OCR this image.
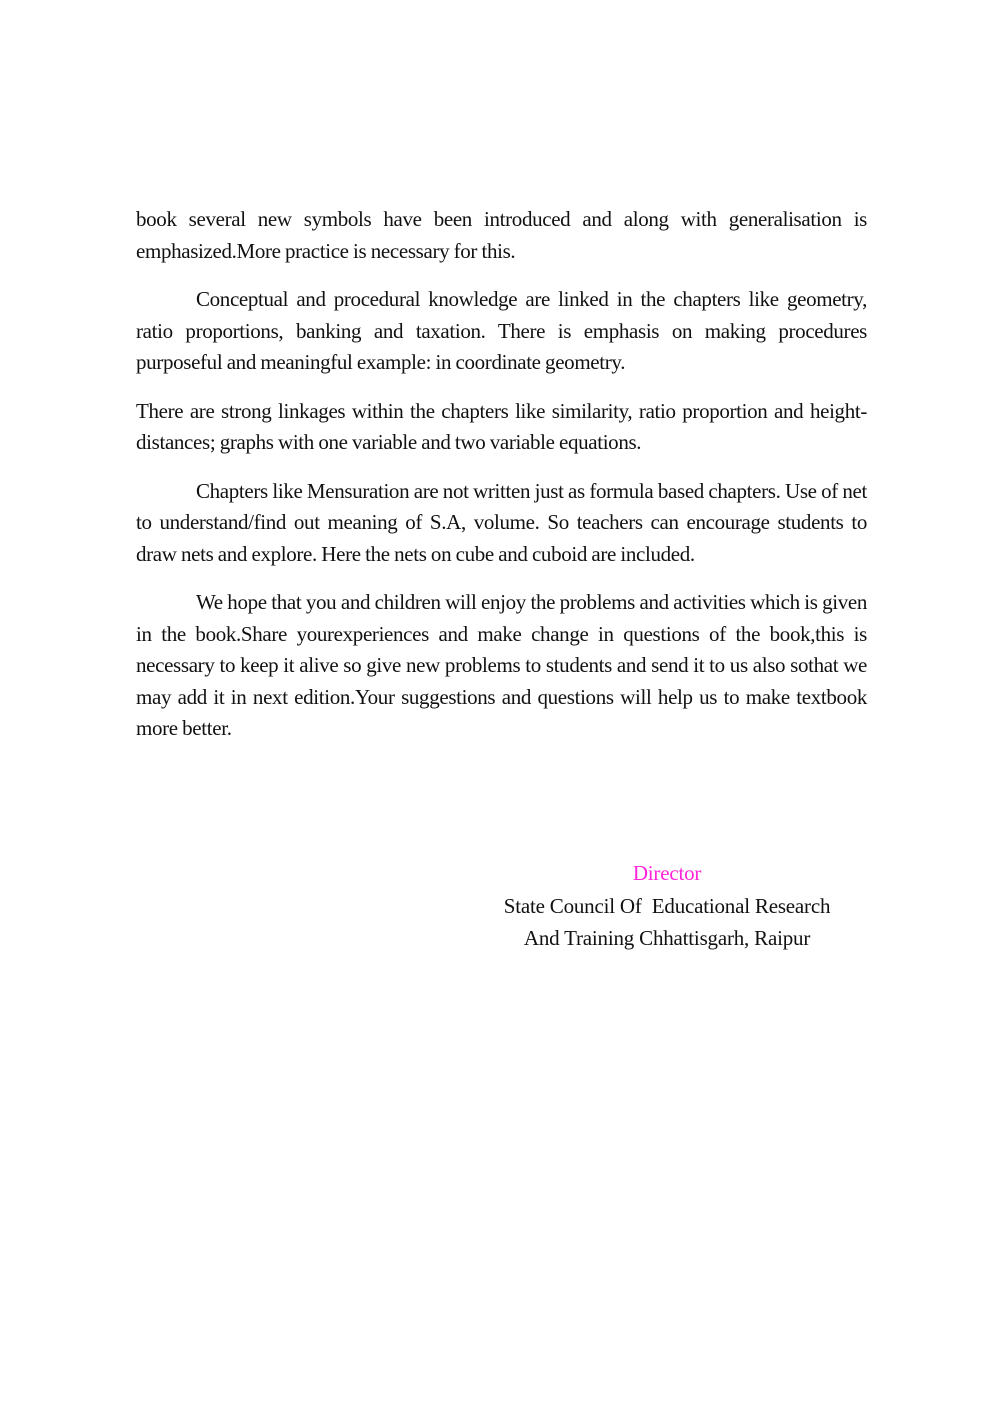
book several new symbols have been introduced and along with generalisation is emphasized.More practice is necessary for this.

Conceptual and procedural knowledge are linked in the chapters like geometry, ratio proportions, banking and taxation. There is emphasis on making procedures purposeful and meaningful example: in coordinate geometry.

There are strong linkages within the chapters like similarity, ratio proportion and height-distances; graphs with one variable and two variable equations.

Chapters like Mensuration are not written just as formula based chapters. Use of net to understand/find out meaning of S.A, volume. So teachers can encourage students to draw nets and explore. Here the nets on cube and cuboid are included.

We hope that you and children will enjoy the problems and activities which is given in the book.Share yourexperiences and make change in questions of the book,this is necessary to keep it alive so give new problems to students and send it to us also sothat we may add it in next edition.Your suggestions and questions will help us to make textbook more better.

Director
State Council Of  Educational Research
And Training Chhattisgarh, Raipur
